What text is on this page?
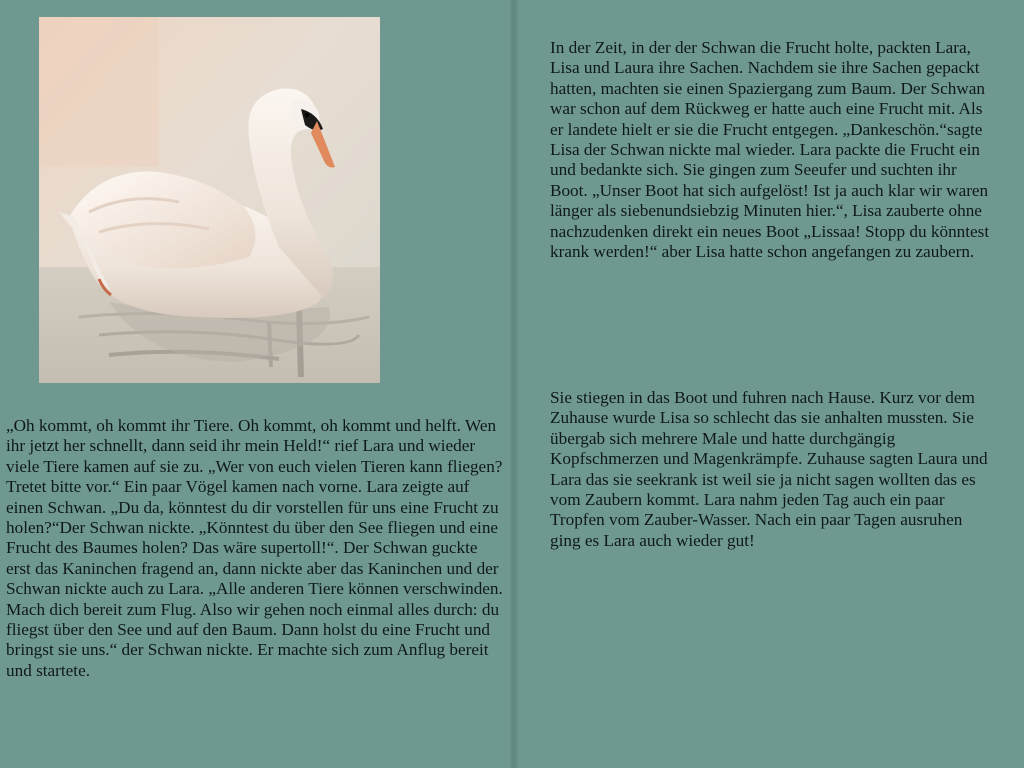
„Oh kommt, oh kommt ihr Tiere. Oh kommt, oh kommt und helft. Wen ihr jetzt her schnellt, dann seid ihr mein Held!“ rief Lara und wieder viele Tiere kamen auf sie zu. „Wer von euch vielen Tieren kann fliegen? Tretet bitte vor.“ Ein paar Vögel kamen nach vorne. Lara zeigte auf einen Schwan. „Du da, könntest du dir vorstellen für uns eine Frucht zu holen?“Der Schwan nickte. „Könntest du über den See fliegen und eine Frucht des Baumes holen? Das wäre supertoll!“. Der Schwan guckte erst das Kaninchen fragend an, dann nickte aber das Kaninchen und der Schwan nickte auch zu Lara. „Alle anderen Tiere können verschwinden. Mach dich bereit zum Flug. Also wir gehen noch einmal alles durch: du fliegst über den See und auf den Baum. Dann holst du eine Frucht und bringst sie uns.“ der Schwan nickte. Er machte sich zum Anflug bereit und startete.

In der Zeit, in der der Schwan die Frucht holte, packten Lara, Lisa und Laura ihre Sachen. Nachdem sie ihre Sachen gepackt hatten, machten sie einen Spaziergang zum Baum. Der Schwan war schon auf dem Rückweg er hatte auch eine Frucht mit. Als er landete hielt er sie die Frucht entgegen. „Dankeschön.“sagte Lisa der Schwan nickte mal wieder. Lara packte die Frucht ein und bedankte sich. Sie gingen zum Seeufer und suchten ihr Boot. „Unser Boot hat sich aufgelöst! Ist ja auch klar wir waren länger als siebenundsiebzig Minuten hier.“, Lisa zauberte ohne nachzudenken direkt ein neues Boot „Lissaa! Stopp du könntest krank werden!“ aber Lisa hatte schon angefangen zu zaubern.

Sie stiegen in das Boot und fuhren nach Hause. Kurz vor dem Zuhause wurde Lisa so schlecht das sie anhalten mussten. Sie übergab sich mehrere Male und hatte durchgängig Kopfschmerzen und Magenkrämpfe. Zuhause sagten Laura und Lara das sie seekrank ist weil sie ja nicht sagen wollten das es vom Zaubern kommt. Lara nahm jeden Tag auch ein paar Tropfen vom Zauber-Wasser. Nach ein paar Tagen ausruhen ging es Lara auch wieder gut!
